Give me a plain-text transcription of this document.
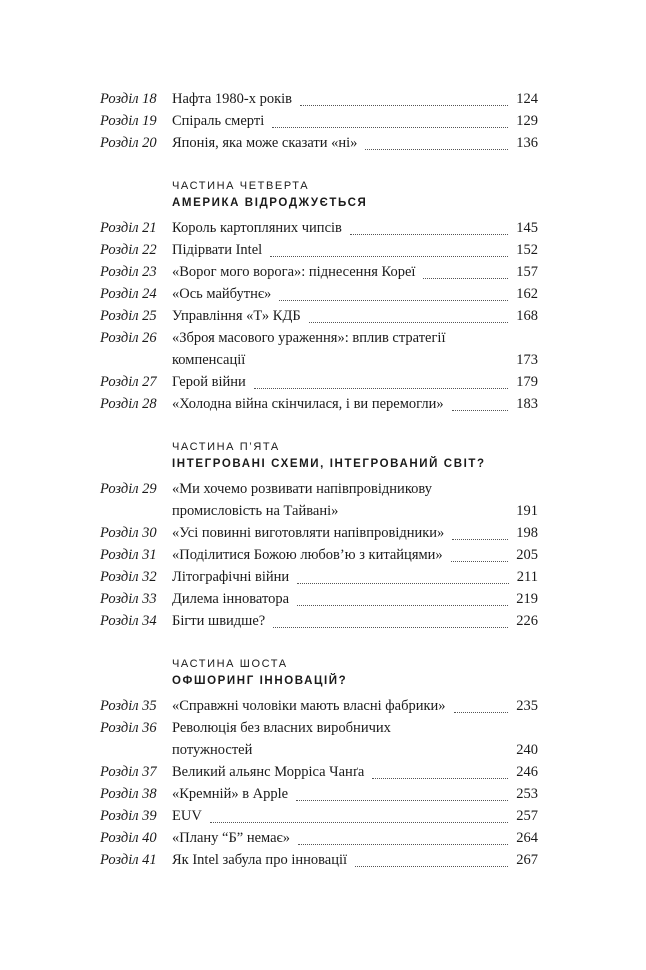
Розділ 18	Нафта 1980-х років	124
Розділ 19	Спіраль смерті	129
Розділ 20	Японія, яка може сказати «ні»	136
ЧАСТИНА ЧЕТВЕРТА
АМЕРИКА ВІДРОДЖУЄТЬСЯ
Розділ 21	Король картопляних чипсів	145
Розділ 22	Підірвати Intel	152
Розділ 23	«Ворог мого ворога»: піднесення Кореї	157
Розділ 24	«Ось майбутнє»	162
Розділ 25	Управління «Т» КДБ	168
Розділ 26	«Зброя масового ураження»: вплив стратегії
компенсації	173
Розділ 27	Герой війни	179
Розділ 28	«Холодна війна скінчилася, і ви перемогли»	183
ЧАСТИНА П’ЯТА
ІНТЕГРОВАНІ СХЕМИ, ІНТЕГРОВАНИЙ СВІТ?
Розділ 29	«Ми хочемо розвивати напівпровідникову
промисловість на Тайвані»	191
Розділ 30	«Усі повинні виготовляти напівпровідники»	198
Розділ 31	«Поділитися Божою любов’ю з китайцями»	205
Розділ 32	Літографічні війни	211
Розділ 33	Дилема інноватора	219
Розділ 34	Бігти швидше?	226
ЧАСТИНА ШОСТА
ОФШОРИНГ ІННОВАЦІЙ?
Розділ 35	«Справжні чоловіки мають власні фабрики»	235
Розділ 36	Революція без власних виробничих
потужностей	240
Розділ 37	Великий альянс Морріса Чанґа	246
Розділ 38	«Кремній» в Apple	253
Розділ 39	EUV	257
Розділ 40	«Плану “Б” немає»	264
Розділ 41	Як Intel забула про інновації	267
